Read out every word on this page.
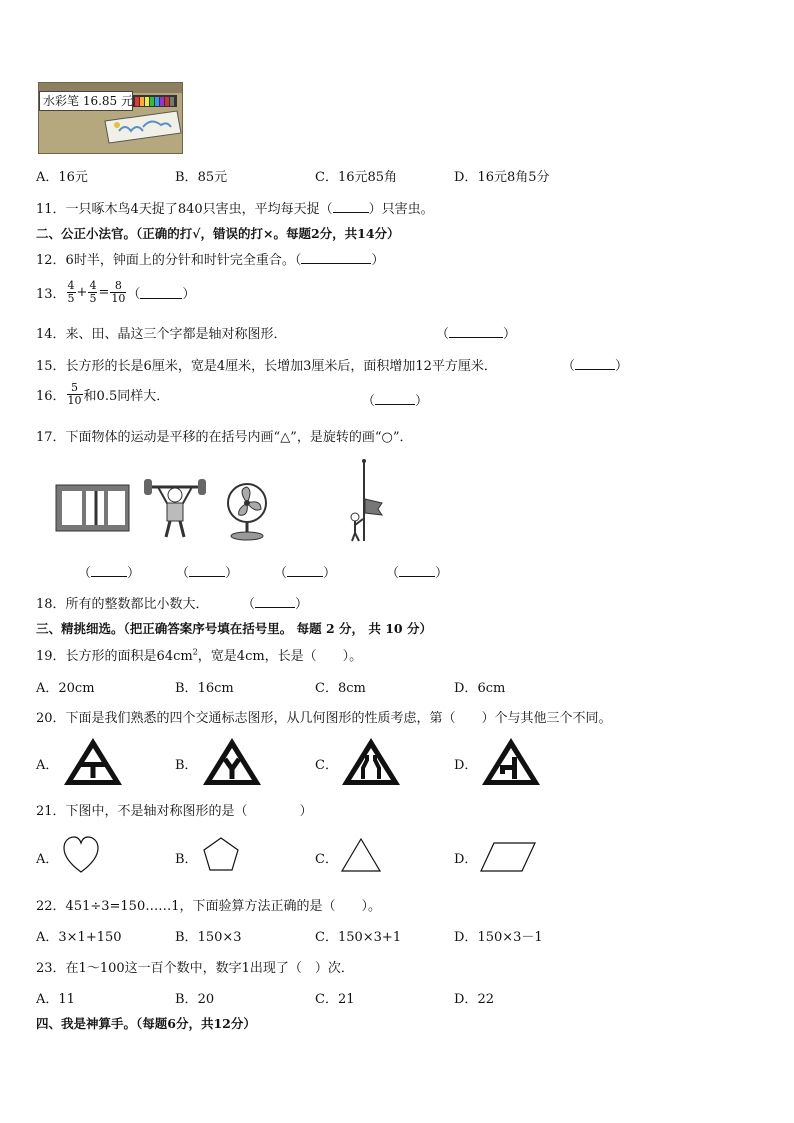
水彩笔 16.85 元
A．16元	B．85元	C．16元85角	D．16元8角5分
11．一只啄木鸟4天捉了840只害虫，平均每天捉（	）只害虫。
二、公正小法官。（正确的打√，错误的打×。每题2分，共14分）
12．6时半，钟面上的分针和时针完全重合。（	）
13． $\frac{4}{5} + \frac{4}{5} = \frac{8}{10}$ （	）
14．来、田、晶这三个字都是轴对称图形．	（	）
15．长方形的长是6厘米，宽是4厘米，长增加3厘米后，面积增加12平方厘米．	（	）
16． $\frac{5}{10}$ 和0.5同样大．	（	）
17．下面物体的运动是平移的在括号内画“△”，是旋转的画“○”．
（	）	（	）	（	）	（	）
18．所有的整数都比小数大．	（	）
三、精挑细选。（把正确答案序号填在括号里。 每题 2 分， 共 10 分）
19．长方形的面积是$64cm^2$，宽是4cm，长是（　　）。
A．20cm	B．16cm	C．8cm	D．6cm
20．下面是我们熟悉的四个交通标志图形，从几何图形的性质考虑，第（　　）个与其他三个不同。
A．	B．	C．	D．
21．下图中，不是轴对称图形的是（　　　　）
A．	B．	C．	D．
22．451÷3=150……1，下面验算方法正确的是（　　）。
A．3×1+150	B．150×3	C．150×3+1	D．150×3－1
23．在1～100这一百个数中，数字1出现了（　）次．
A．11	B．20	C．21	D．22
四、我是神算手。（每题6分，共12分）
